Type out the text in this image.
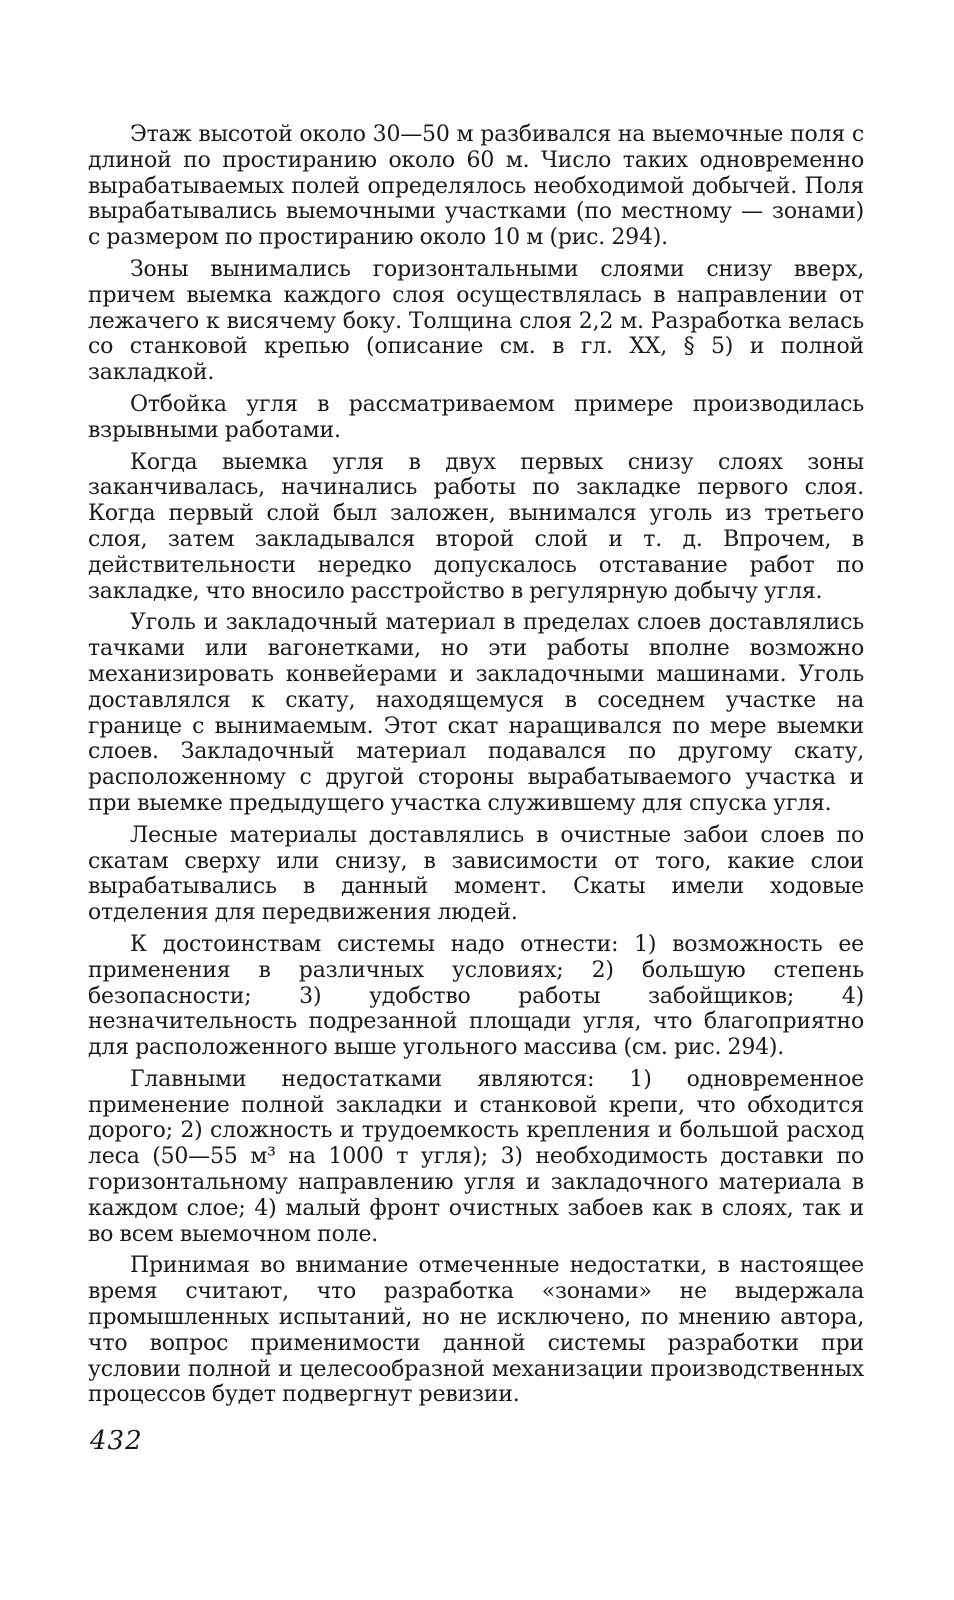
Этаж высотой около 30—50 м разбивался на выемочные поля с длиной по простиранию около 60 м. Число таких одновременно вырабатываемых полей определялось необходимой добычей. Поля вырабатывались выемочными участками (по местному — зонами) с размером по простиранию около 10 м (рис. 294).

Зоны вынимались горизонтальными слоями снизу вверх, причем выемка каждого слоя осуществлялась в направлении от лежачего к висячему боку. Толщина слоя 2,2 м. Разработка велась со станковой крепью (описание см. в гл. XX, § 5) и полной закладкой.

Отбойка угля в рассматриваемом примере производилась взрывными работами.

Когда выемка угля в двух первых снизу слоях зоны заканчивалась, начинались работы по закладке первого слоя. Когда первый слой был заложен, вынимался уголь из третьего слоя, затем закладывался второй слой и т. д. Впрочем, в действительности нередко допускалось отставание работ по закладке, что вносило расстройство в регулярную добычу угля.

Уголь и закладочный материал в пределах слоев доставлялись тачками или вагонетками, но эти работы вполне возможно механизировать конвейерами и закладочными машинами. Уголь доставлялся к скату, находящемуся в соседнем участке на границе с вынимаемым. Этот скат наращивался по мере выемки слоев. Закладочный материал подавался по другому скату, расположенному с другой стороны вырабатываемого участка и при выемке предыдущего участка служившему для спуска угля.

Лесные материалы доставлялись в очистные забои слоев по скатам сверху или снизу, в зависимости от того, какие слои вырабатывались в данный момент. Скаты имели ходовые отделения для передвижения людей.

К достоинствам системы надо отнести: 1) возможность ее применения в различных условиях; 2) большую степень безопасности; 3) удобство работы забойщиков; 4) незначительность подрезанной площади угля, что благоприятно для расположенного выше угольного массива (см. рис. 294).

Главными недостатками являются: 1) одновременное применение полной закладки и станковой крепи, что обходится дорого; 2) сложность и трудоемкость крепления и большой расход леса (50—55 м³ на 1000 т угля); 3) необходимость доставки по горизонтальному направлению угля и закладочного материала в каждом слое; 4) малый фронт очистных забоев как в слоях, так и во всем выемочном поле.

Принимая во внимание отмеченные недостатки, в настоящее время считают, что разработка «зонами» не выдержала промышленных испытаний, но не исключено, по мнению автора, что вопрос применимости данной системы разработки при условии полной и целесообразной механизации производственных процессов будет подвергнут ревизии.

432
